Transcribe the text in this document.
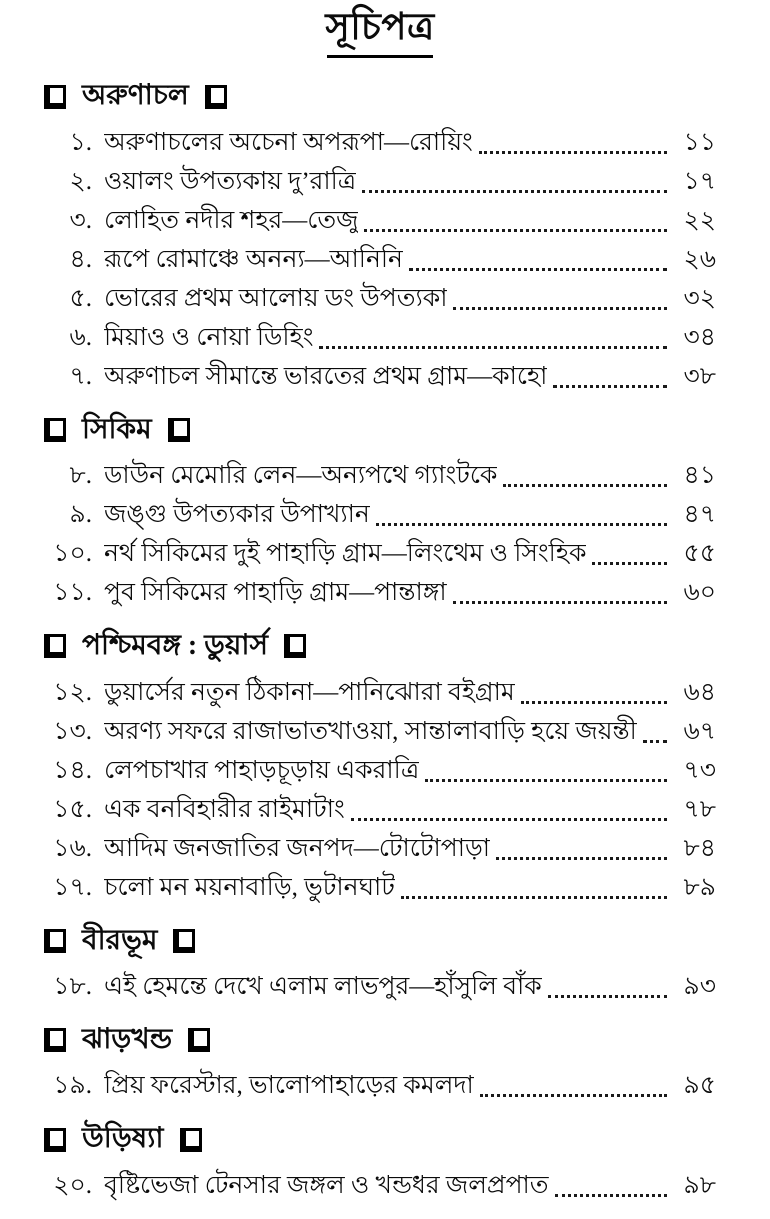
সূচিপত্র
অরুণাচল
১. অরুণাচলের অচেনা অপরূপা—রোয়িং	১১
২. ওয়ালং উপত্যকায় দু’রাত্রি	১৭
৩. লোহিত নদীর শহর—তেজু	২২
৪. রূপে রোমাঞ্চে অনন্য—আনিনি	২৬
৫. ভোরের প্রথম আলোয় ডং উপত্যকা	৩২
৬. মিয়াও ও নোয়া ডিহিং	৩৪
৭. অরুণাচল সীমান্তে ভারতের প্রথম গ্রাম—কাহো	৩৮
সিকিম
৮. ডাউন মেমোরি লেন—অন্যপথে গ্যাংটকে	৪১
৯. জঙ্গু উপত্যকার উপাখ্যান	৪৭
১০. নর্থ সিকিমের দুই পাহাড়ি গ্রাম—লিংথেম ও সিংহিক	৫৫
১১. পুব সিকিমের পাহাড়ি গ্রাম—পান্তাঙ্গা	৬০
পশ্চিমবঙ্গ : ডুয়ার্স
১২. ডুয়ার্সের নতুন ঠিকানা—পানিঝোরা বইগ্রাম	৬৪
১৩. অরণ্য সফরে রাজাভাতখাওয়া, সান্তালাবাড়ি হয়ে জয়ন্তী	৬৭
১৪. লেপচাখার পাহাড়চূড়ায় একরাত্রি	৭৩
১৫. এক বনবিহারীর রাইমাটাং	৭৮
১৬. আদিম জনজাতির জনপদ—টোটোপাড়া	৮৪
১৭. চলো মন ময়নাবাড়ি, ভুটানঘাট	৮৯
বীরভূম
১৮. এই হেমন্তে দেখে এলাম লাভপুর—হাঁসুলি বাঁক	৯৩
ঝাড়খন্ড
১৯. প্রিয় ফরেস্টার, ভালোপাহাড়ের কমলদা	৯৫
উড়িষ্যা
২০. বৃষ্টিভেজা টেনসার জঙ্গল ও খন্ডধর জলপ্রপাত	৯৮
